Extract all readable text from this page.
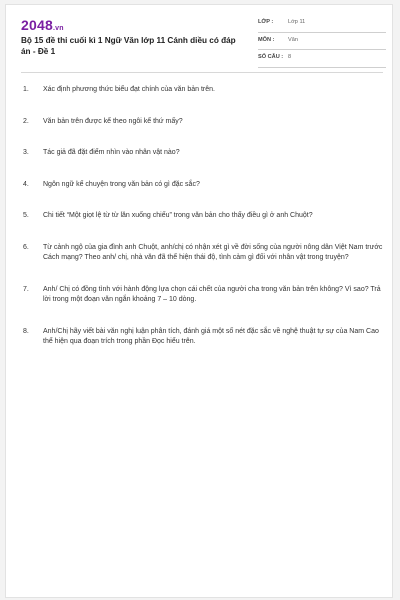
2048.vn
Bộ 15 đề thi cuối kì 1 Ngữ Văn lớp 11 Cánh diều có đáp án - Đề 1
LỚP :	Lớp 11
MÔN : Văn
SỐ CÂU : 8
1.	Xác định phương thức biểu đạt chính của văn bản trên.
2.	Văn bản trên được kể theo ngôi kể thứ mấy?
3.	Tác giả đã đặt điểm nhìn vào nhân vật nào?
4.	Ngôn ngữ kể chuyện trong văn bản có gì đặc sắc?
5.	Chi tiết “Một giọt lệ từ từ lăn xuống chiếu” trong văn bản cho thấy điều gì ở anh Chuột?
6.	Từ cảnh ngộ của gia đình anh Chuột, anh/chị có nhận xét gì về đời sống của người nông dân Việt Nam trước Cách mạng? Theo anh/ chị, nhà văn đã thể hiện thái độ, tình cảm gì đối với nhân vật trong truyện?
7.	Anh/ Chị có đồng tình với hành động lựa chọn cái chết của người cha trong văn bản trên không? Vì sao? Trả lời trong một đoạn văn ngắn khoảng 7 – 10 dòng.
8.	Anh/Chị hãy viết bài văn nghị luận phân tích, đánh giá một số nét đặc sắc về nghệ thuật tự sự của Nam Cao thể hiện qua đoạn trích trong phần Đọc hiểu trên.
